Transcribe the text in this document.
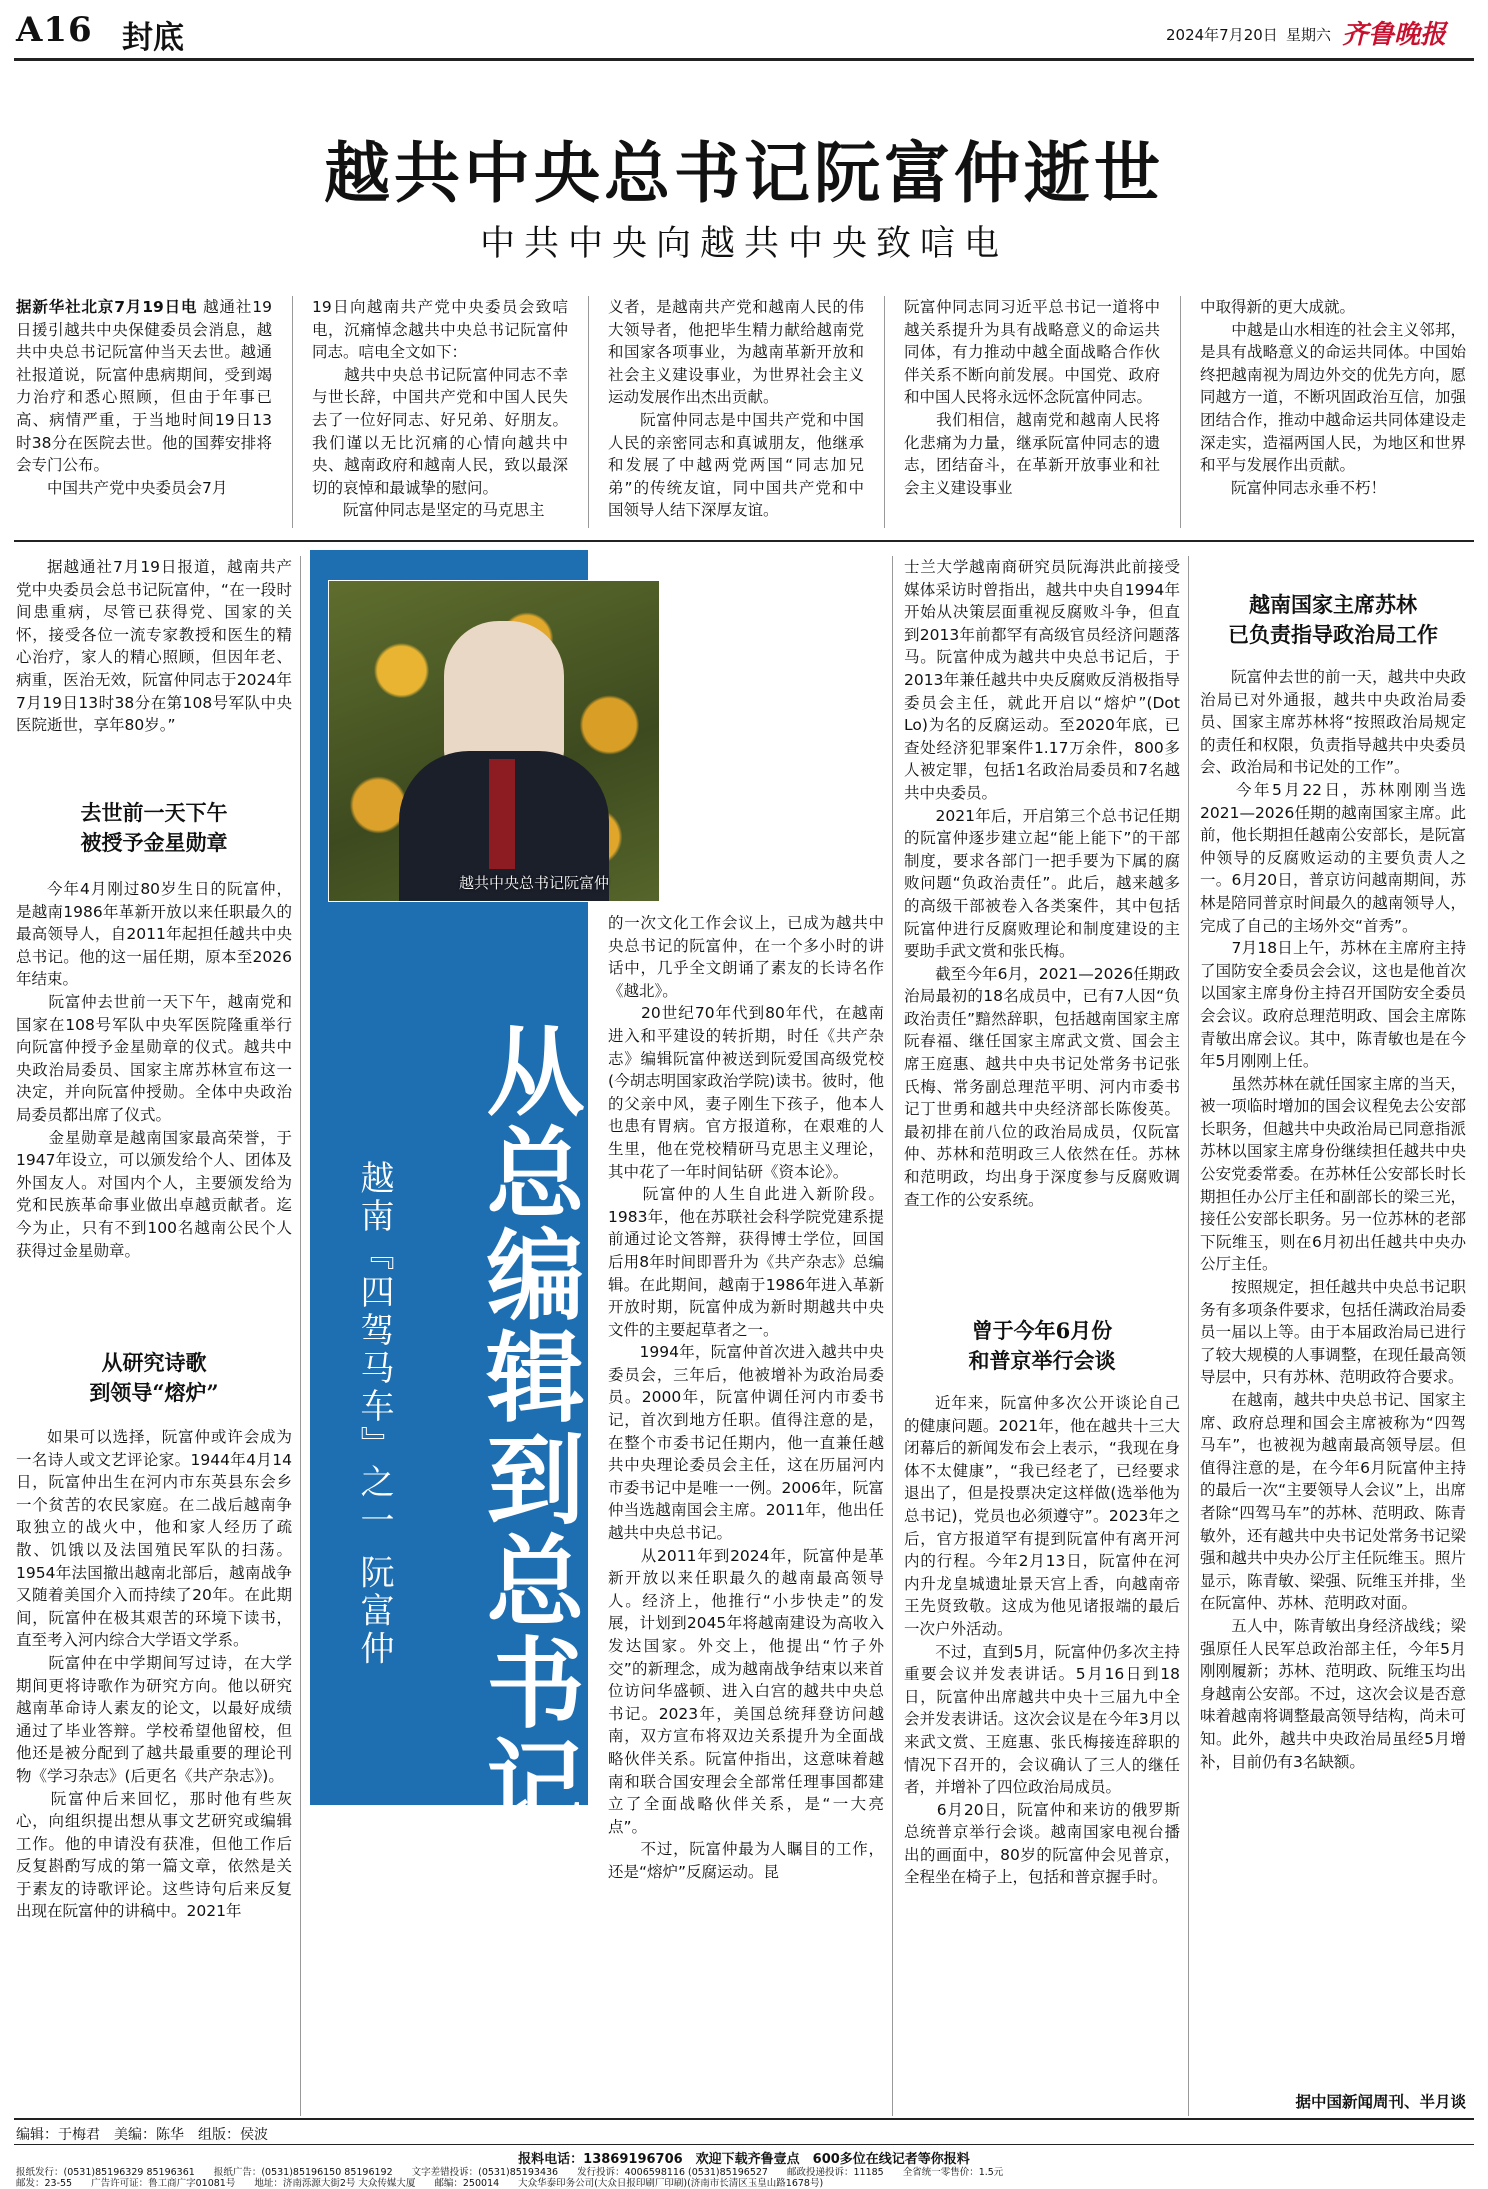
A16 封底	2024年7月20日 星期六 齐鲁晚报
越共中央总书记阮富仲逝世
中共中央向越共中央致唁电

据新华社北京7月19日电 越通社19日援引越共中央保健委员会消息，越共中央总书记阮富仲当天去世。越通社报道说，阮富仲患病期间，受到竭力治疗和悉心照顾，但由于年事已高、病情严重，于当地时间19日13时38分在医院去世。他的国葬安排将会专门公布。
　　中国共产党中央委员会7月

19日向越南共产党中央委员会致唁电，沉痛悼念越共中央总书记阮富仲同志。唁电全文如下：
　　越共中央总书记阮富仲同志不幸与世长辞，中国共产党和中国人民失去了一位好同志、好兄弟、好朋友。我们谨以无比沉痛的心情向越共中央、越南政府和越南人民，致以最深切的哀悼和最诚挚的慰问。
　　阮富仲同志是坚定的马克思主

义者，是越南共产党和越南人民的伟大领导者，他把毕生精力献给越南党和国家各项事业，为越南革新开放和社会主义建设事业，为世界社会主义运动发展作出杰出贡献。
　　阮富仲同志是中国共产党和中国人民的亲密同志和真诚朋友，他继承和发展了中越两党两国“同志加兄弟”的传统友谊，同中国共产党和中国领导人结下深厚友谊。

阮富仲同志同习近平总书记一道将中越关系提升为具有战略意义的命运共同体，有力推动中越全面战略合作伙伴关系不断向前发展。中国党、政府和中国人民将永远怀念阮富仲同志。
　　我们相信，越南党和越南人民将化悲痛为力量，继承阮富仲同志的遗志，团结奋斗，在革新开放事业和社会主义建设事业

中取得新的更大成就。
　　中越是山水相连的社会主义邻邦，是具有战略意义的命运共同体。中国始终把越南视为周边外交的优先方向，愿同越方一道，不断巩固政治互信，加强团结合作，推动中越命运共同体建设走深走实，造福两国人民，为地区和世界和平与发展作出贡献。
　　阮富仲同志永垂不朽！

越共中央总书记阮富仲
从总编辑到总书记
越南『四驾马车』之一 阮富仲

据越通社7月19日报道，越南共产党中央委员会总书记阮富仲，“在一段时间患重病，尽管已获得党、国家的关怀，接受各位一流专家教授和医生的精心治疗，家人的精心照顾，但因年老、病重，医治无效，阮富仲同志于2024年7月19日13时38分在第108号军队中央医院逝世，享年80岁。”

去世前一天下午
被授予金星勋章

今年4月刚过80岁生日的阮富仲，是越南1986年革新开放以来任职最久的最高领导人，自2011年起担任越共中央总书记。他的这一届任期，原本至2026年结束。
　　阮富仲去世前一天下午，越南党和国家在108号军队中央军医院隆重举行向阮富仲授予金星勋章的仪式。越共中央政治局委员、国家主席苏林宣布这一决定，并向阮富仲授勋。全体中央政治局委员都出席了仪式。
　　金星勋章是越南国家最高荣誉，于1947年设立，可以颁发给个人、团体及外国友人。对国内个人，主要颁发给为党和民族革命事业做出卓越贡献者。迄今为止，只有不到100名越南公民个人获得过金星勋章。

从研究诗歌
到领导“熔炉”

如果可以选择，阮富仲或许会成为一名诗人或文艺评论家。1944年4月14日，阮富仲出生在河内市东英县东会乡一个贫苦的农民家庭。在二战后越南争取独立的战火中，他和家人经历了疏散、饥饿以及法国殖民军队的扫荡。1954年法国撤出越南北部后，越南战争又随着美国介入而持续了20年。在此期间，阮富仲在极其艰苦的环境下读书，直至考入河内综合大学语文学系。
　　阮富仲在中学期间写过诗，在大学期间更将诗歌作为研究方向。他以研究越南革命诗人素友的论文，以最好成绩通过了毕业答辩。学校希望他留校，但他还是被分配到了越共最重要的理论刊物《学习杂志》(后更名《共产杂志》)。
　　阮富仲后来回忆，那时他有些灰心，向组织提出想从事文艺研究或编辑工作。他的申请没有获准，但他工作后反复斟酌写成的第一篇文章，依然是关于素友的诗歌评论。这些诗句后来反复出现在阮富仲的讲稿中。2021年

的一次文化工作会议上，已成为越共中央总书记的阮富仲，在一个多小时的讲话中，几乎全文朗诵了素友的长诗名作《越北》。
　　20世纪70年代到80年代，在越南进入和平建设的转折期，时任《共产杂志》编辑阮富仲被送到阮爱国高级党校(今胡志明国家政治学院)读书。彼时，他的父亲中风，妻子刚生下孩子，他本人也患有胃病。官方报道称，在艰难的人生里，他在党校精研马克思主义理论，其中花了一年时间钻研《资本论》。
　　阮富仲的人生自此进入新阶段。1983年，他在苏联社会科学院党建系提前通过论文答辩，获得博士学位，回国后用8年时间即晋升为《共产杂志》总编辑。在此期间，越南于1986年进入革新开放时期，阮富仲成为新时期越共中央文件的主要起草者之一。
　　1994年，阮富仲首次进入越共中央委员会，三年后，他被增补为政治局委员。2000年，阮富仲调任河内市委书记，首次到地方任职。值得注意的是，在整个市委书记任期内，他一直兼任越共中央理论委员会主任，这在历届河内市委书记中是唯一一例。2006年，阮富仲当选越南国会主席。2011年，他出任越共中央总书记。
　　从2011年到2024年，阮富仲是革新开放以来任职最久的越南最高领导人。经济上，他推行“小步快走”的发展，计划到2045年将越南建设为高收入发达国家。外交上，他提出“竹子外交”的新理念，成为越南战争结束以来首位访问华盛顿、进入白宫的越共中央总书记。2023年，美国总统拜登访问越南，双方宣布将双边关系提升为全面战略伙伴关系。阮富仲指出，这意味着越南和联合国安理会全部常任理事国都建立了全面战略伙伴关系，是“一大亮点”。
　　不过，阮富仲最为人瞩目的工作，还是“熔炉”反腐运动。昆

士兰大学越南商研究员阮海洪此前接受媒体采访时曾指出，越共中央自1994年开始从决策层面重视反腐败斗争，但直到2013年前都罕有高级官员经济问题落马。阮富仲成为越共中央总书记后，于2013年兼任越共中央反腐败反消极指导委员会主任，就此开启以“熔炉”(Dot Lo)为名的反腐运动。至2020年底，已查处经济犯罪案件1.17万余件，800多人被定罪，包括1名政治局委员和7名越共中央委员。
　　2021年后，开启第三个总书记任期的阮富仲逐步建立起“能上能下”的干部制度，要求各部门一把手要为下属的腐败问题“负政治责任”。此后，越来越多的高级干部被卷入各类案件，其中包括阮富仲进行反腐败理论和制度建设的主要助手武文赏和张氏梅。
　　截至今年6月，2021—2026任期政治局最初的18名成员中，已有7人因“负政治责任”黯然辞职，包括越南国家主席阮春福、继任国家主席武文赏、国会主席王庭惠、越共中央书记处常务书记张氏梅、常务副总理范平明、河内市委书记丁世勇和越共中央经济部长陈俊英。最初排在前八位的政治局成员，仅阮富仲、苏林和范明政三人依然在任。苏林和范明政，均出身于深度参与反腐败调查工作的公安系统。

曾于今年6月份
和普京举行会谈

近年来，阮富仲多次公开谈论自己的健康问题。2021年，他在越共十三大闭幕后的新闻发布会上表示，“我现在身体不太健康”，“我已经老了，已经要求退出了，但是投票决定这样做(选举他为总书记)，党员也必须遵守”。2023年之后，官方报道罕有提到阮富仲有离开河内的行程。今年2月13日，阮富仲在河内升龙皇城遗址景天宫上香，向越南帝王先贤致敬。这成为他见诸报端的最后一次户外活动。
　　不过，直到5月，阮富仲仍多次主持重要会议并发表讲话。5月16日到18日，阮富仲出席越共中央十三届九中全会并发表讲话。这次会议是在今年3月以来武文赏、王庭惠、张氏梅接连辞职的情况下召开的，会议确认了三人的继任者，并增补了四位政治局成员。
　　6月20日，阮富仲和来访的俄罗斯总统普京举行会谈。越南国家电视台播出的画面中，80岁的阮富仲会见普京，全程坐在椅子上，包括和普京握手时。

越南国家主席苏林
已负责指导政治局工作

阮富仲去世的前一天，越共中央政治局已对外通报，越共中央政治局委员、国家主席苏林将“按照政治局规定的责任和权限，负责指导越共中央委员会、政治局和书记处的工作”。
　　今年5月22日，苏林刚刚当选2021—2026任期的越南国家主席。此前，他长期担任越南公安部长，是阮富仲领导的反腐败运动的主要负责人之一。6月20日，普京访问越南期间，苏林是陪同普京时间最久的越南领导人，完成了自己的主场外交“首秀”。
　　7月18日上午，苏林在主席府主持了国防安全委员会会议，这也是他首次以国家主席身份主持召开国防安全委员会会议。政府总理范明政、国会主席陈青敏出席会议。其中，陈青敏也是在今年5月刚刚上任。
　　虽然苏林在就任国家主席的当天，被一项临时增加的国会议程免去公安部长职务，但越共中央政治局已同意指派苏林以国家主席身份继续担任越共中央公安党委常委。在苏林任公安部长时长期担任办公厅主任和副部长的梁三光，接任公安部长职务。另一位苏林的老部下阮维玉，则在6月初出任越共中央办公厅主任。
　　按照规定，担任越共中央总书记职务有多项条件要求，包括任满政治局委员一届以上等。由于本届政治局已进行了较大规模的人事调整，在现任最高领导层中，只有苏林、范明政符合要求。
　　在越南，越共中央总书记、国家主席、政府总理和国会主席被称为“四驾马车”，也被视为越南最高领导层。但值得注意的是，在今年6月阮富仲主持的最后一次“主要领导人会议”上，出席者除“四驾马车”的苏林、范明政、陈青敏外，还有越共中央书记处常务书记梁强和越共中央办公厅主任阮维玉。照片显示，陈青敏、梁强、阮维玉并排，坐在阮富仲、苏林、范明政对面。
　　五人中，陈青敏出身经济战线；梁强原任人民军总政治部主任，今年5月刚刚履新；苏林、范明政、阮维玉均出身越南公安部。不过，这次会议是否意味着越南将调整最高领导结构，尚未可知。此外，越共中央政治局虽经5月增补，目前仍有3名缺额。

据中国新闻周刊、半月谈
编辑：于梅君　美编：陈华　组版：侯波
报料电话：13869196706　欢迎下载齐鲁壹点　600多位在线记者等你报料
报纸发行：(0531)85196329 85196361　　报纸广告：(0531)85196150 85196192　　文字差错投诉：(0531)85193436　　发行投诉：4006598116 (0531)85196527　　邮政投递投诉：11185　　全省统一零售价：1.5元
邮发：23-55　　广告许可证：鲁工商广字01081号　　地址：济南泺源大街2号 大众传媒大厦　　邮编：250014　　大众华泰印务公司(大众日报印刷厂印刷)(济南市长清区玉皇山路1678号)
